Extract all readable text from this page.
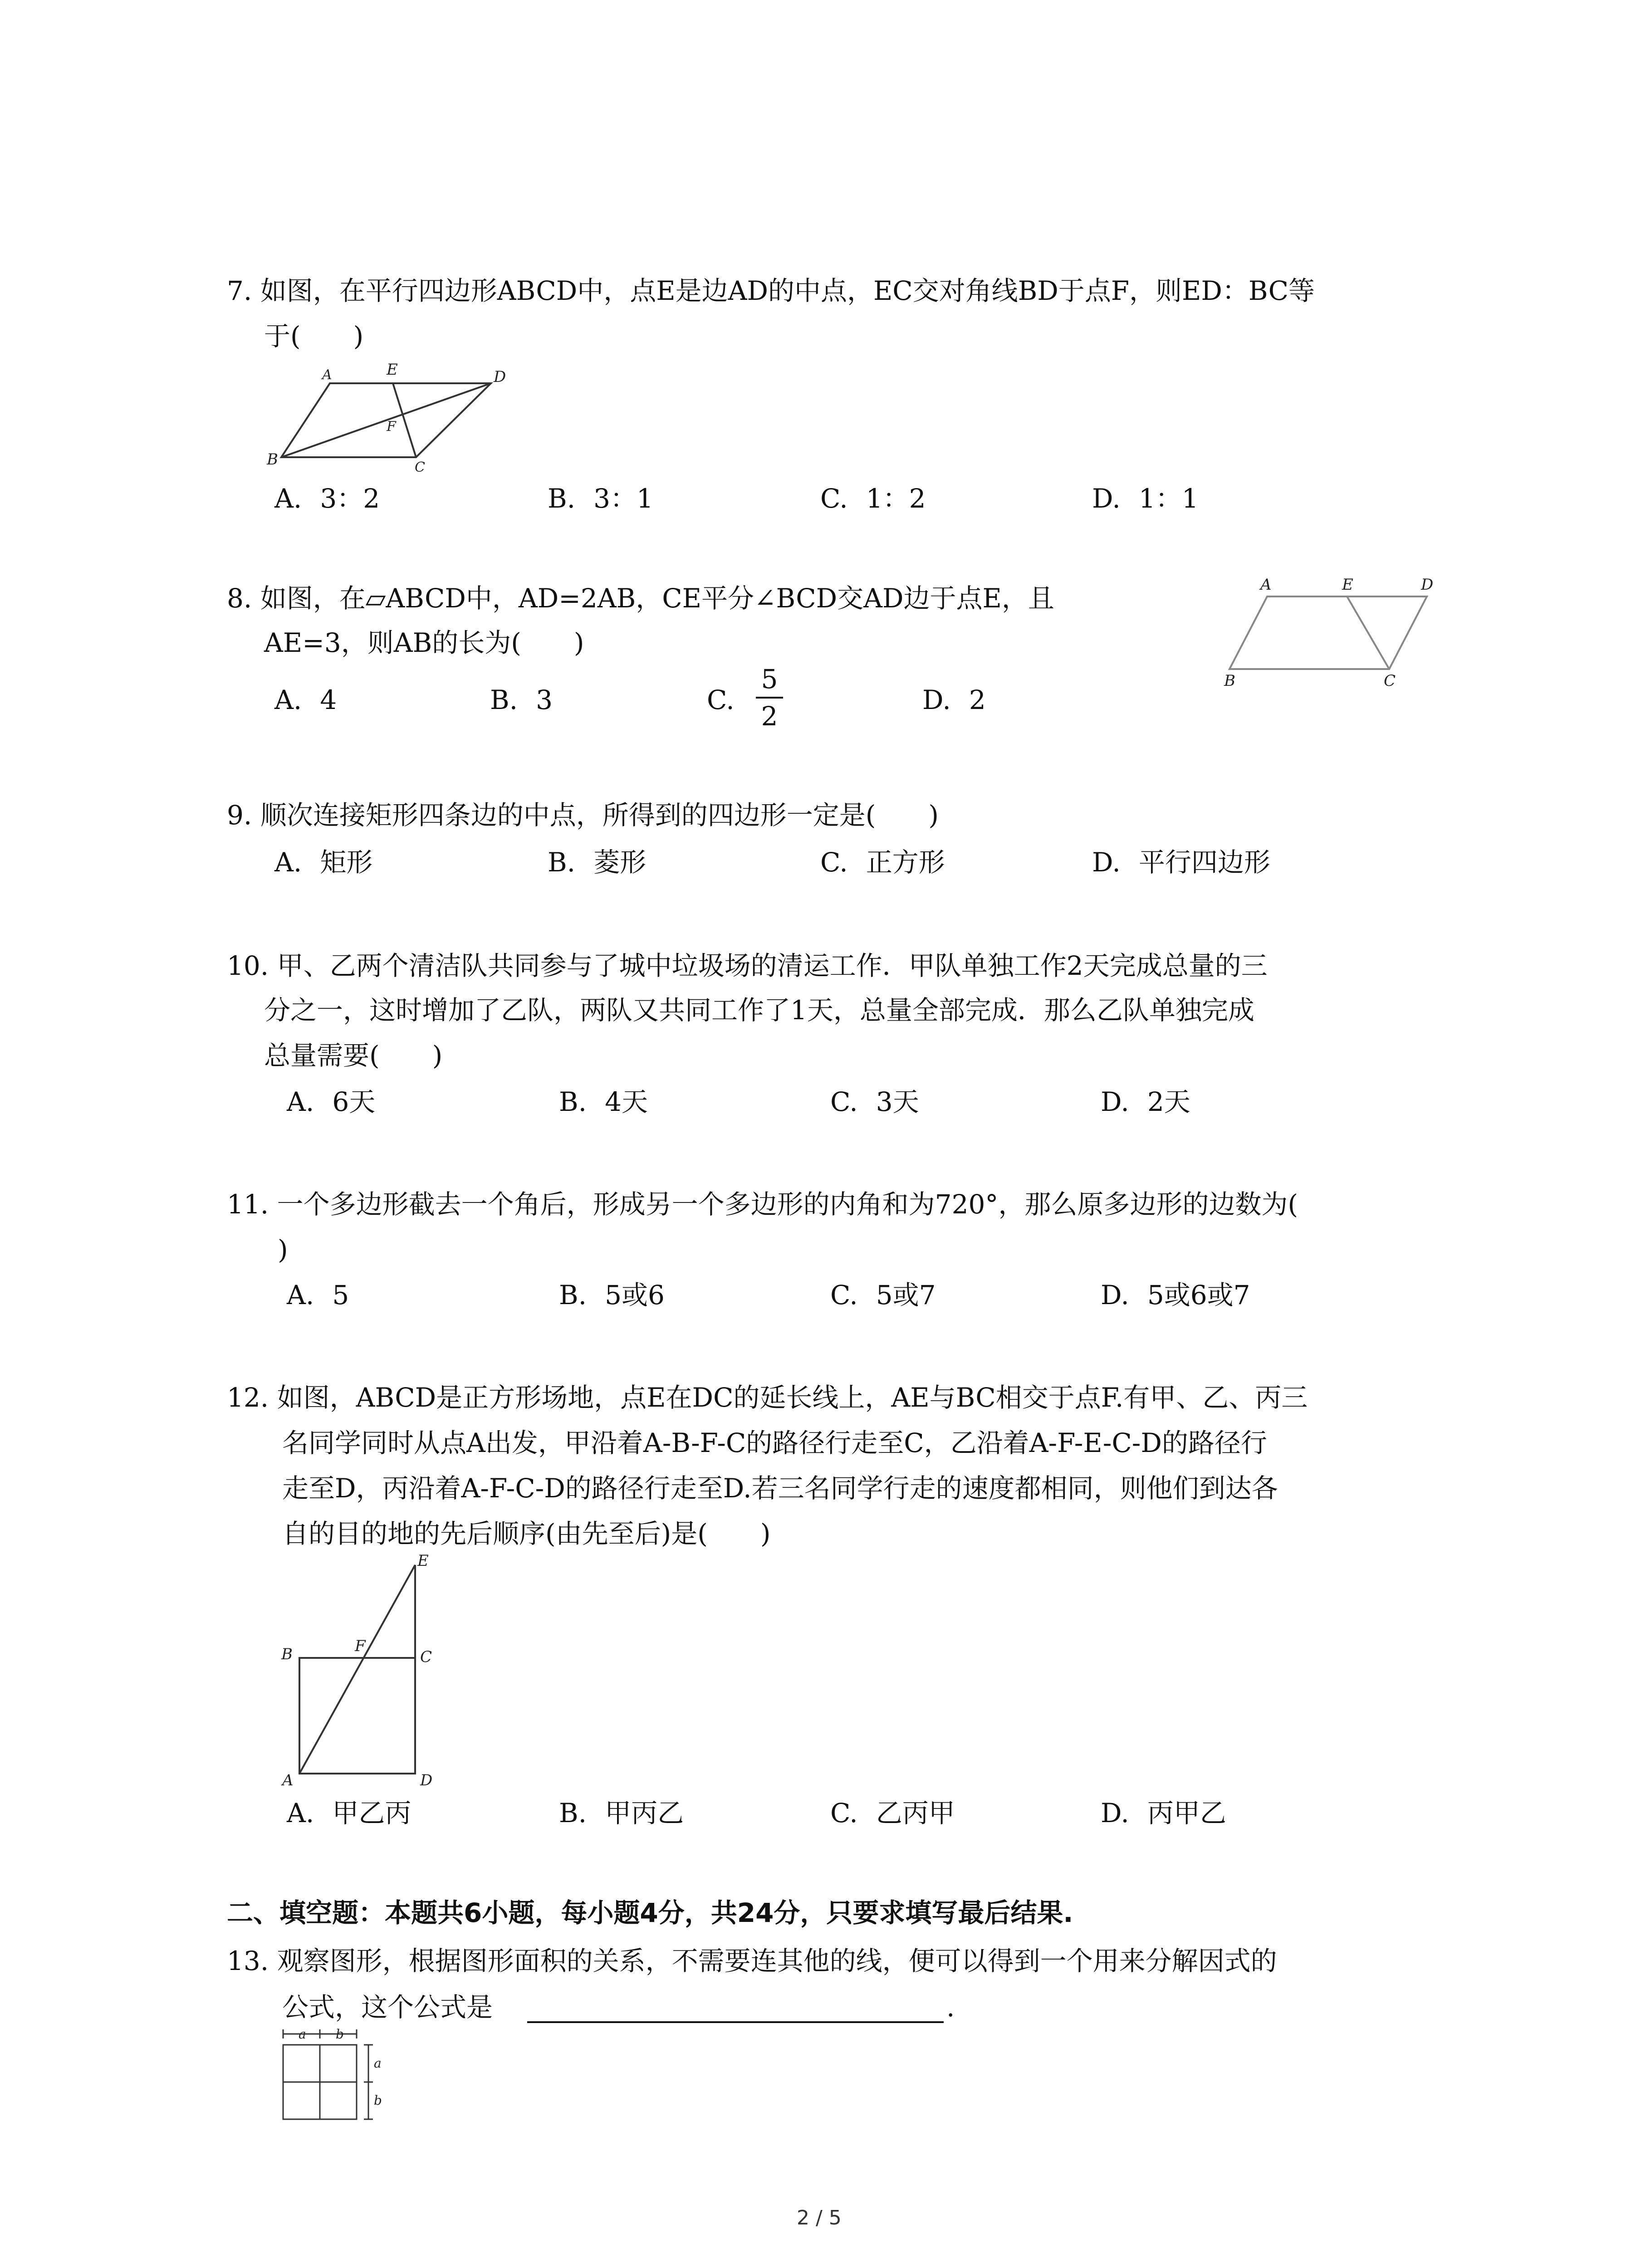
7. 如图，在平行四边形ABCD中，点E是边AD的中点，EC交对角线BD于点F，则ED：BC等
于(　　)
A	E	D
F
B	C
A. 3：2	B. 3：1	C. 1：2	D. 1：1
8. 如图，在▱ABCD中，AD=2AB，CE平分∠BCD交AD边于点E，且
AE=3，则AB的长为(　　)
A	E	D
B	C
A. 4	B. 3	C.
5
2
D. 2
9. 顺次连接矩形四条边的中点，所得到的四边形一定是(　　)
A. 矩形	B. 菱形	C. 正方形	D. 平行四边形
10. 甲、乙两个清洁队共同参与了城中垃圾场的清运工作．甲队单独工作2天完成总量的三
分之一，这时增加了乙队，两队又共同工作了1天，总量全部完成．那么乙队单独完成
总量需要(　　)
A. 6天	B. 4天	C. 3天	D. 2天
11. 一个多边形截去一个角后，形成另一个多边形的内角和为720°，那么原多边形的边数为(
)
A. 5	B. 5或6	C. 5或7	D. 5或6或7
12. 如图，ABCD是正方形场地，点E在DC的延长线上，AE与BC相交于点F.有甲、乙、丙三
名同学同时从点A出发，甲沿着A-B-F-C的路径行走至C，乙沿着A-F-E-C-D的路径行
走至D，丙沿着A-F-C-D的路径行走至D.若三名同学行走的速度都相同，则他们到达各
自的目的地的先后顺序(由先至后)是(　　)
E
B	F
C
A	D
A. 甲乙丙	B. 甲丙乙	C. 乙丙甲	D. 丙甲乙
二、填空题：本题共6小题，每小题4分，共24分，只要求填写最后结果.
13. 观察图形，根据图形面积的关系，不需要连其他的线，便可以得到一个用来分解因式的
公式，这个公式是	.
a b
a
b
2 / 5
